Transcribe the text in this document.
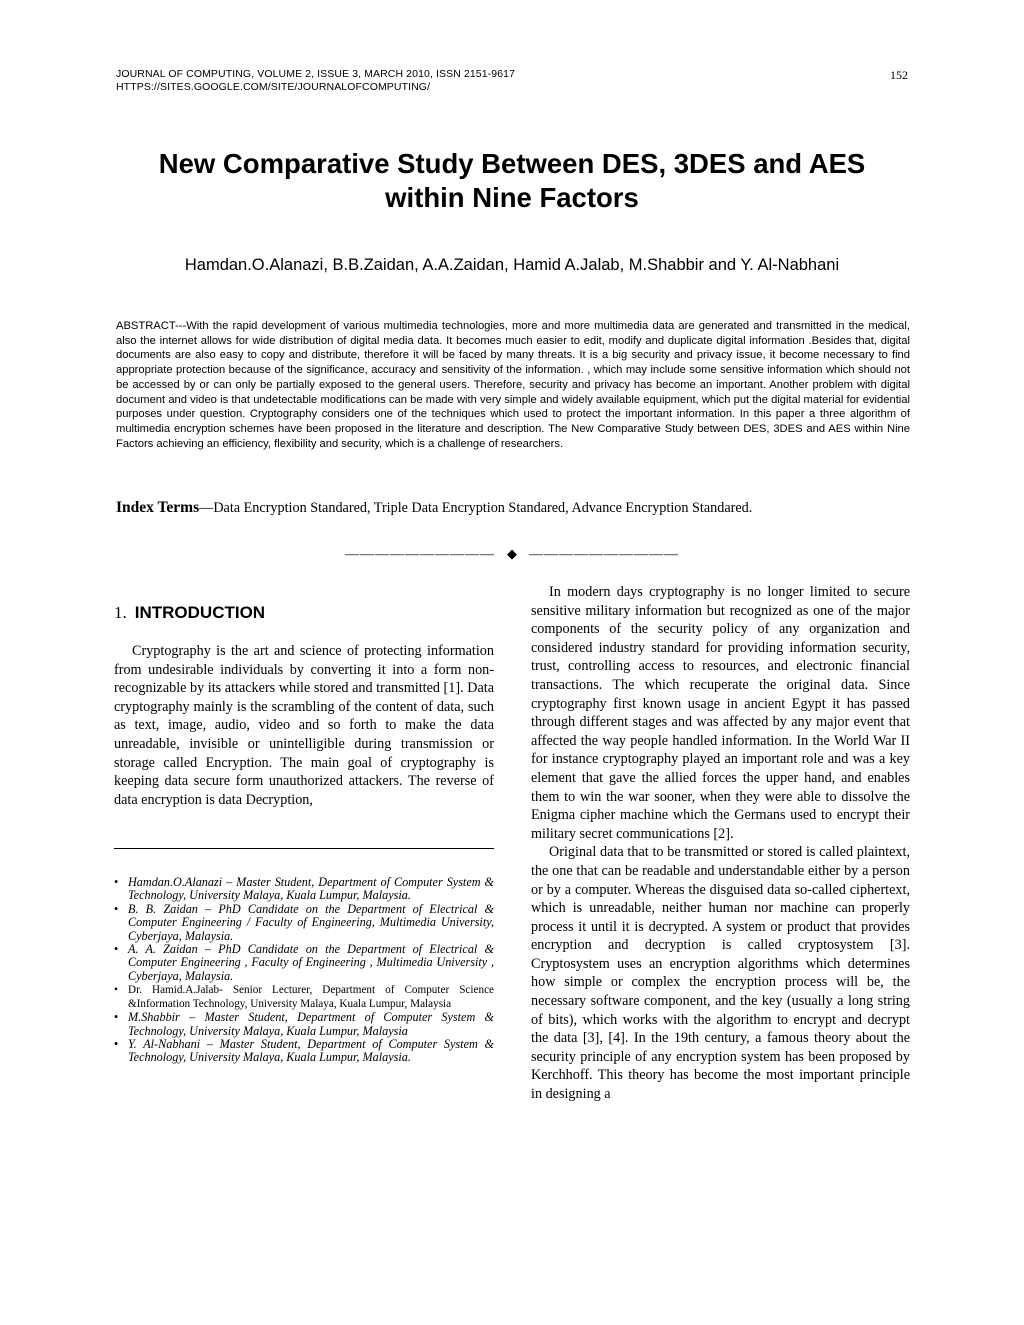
JOURNAL OF COMPUTING, VOLUME 2, ISSUE 3, MARCH 2010, ISSN 2151-9617
HTTPS://SITES.GOOGLE.COM/SITE/JOURNALOFCOMPUTING/
152
New Comparative Study Between DES, 3DES and AES
within Nine Factors
Hamdan.O.Alanazi, B.B.Zaidan, A.A.Zaidan, Hamid A.Jalab, M.Shabbir and Y. Al-Nabhani
ABSTRACT---With the rapid development of various multimedia technologies, more and more multimedia data are generated and transmitted in the medical, also the internet allows for wide distribution of digital media data. It becomes much easier to edit, modify and duplicate digital information .Besides that, digital documents are also easy to copy and distribute, therefore it will be faced by many threats. It is a big security and privacy issue, it become necessary to find appropriate protection because of the significance, accuracy and sensitivity of the information. , which may include some sensitive information which should not be accessed by or can only be partially exposed to the general users. Therefore, security and privacy has become an important. Another problem with digital document and video is that undetectable modifications can be made with very simple and widely available equipment, which put the digital material for evidential purposes under question. Cryptography considers one of the techniques which used to protect the important information. In this paper a three algorithm of multimedia encryption schemes have been proposed in the literature and description. The New Comparative Study between DES, 3DES and AES within Nine Factors achieving an efficiency, flexibility and security, which is a challenge of researchers.
Index Terms—Data Encryption Standared, Triple Data Encryption Standared, Advance Encryption Standared.
—————————— ◆ ——————————
1. INTRODUCTION

Cryptography is the art and science of protecting information from undesirable individuals by converting it into a form non-recognizable by its attackers while stored and transmitted [1]. Data cryptography mainly is the scrambling of the content of data, such as text, image, audio, video and so forth to make the data unreadable, invisible or unintelligible during transmission or storage called Encryption. The main goal of cryptography is keeping data secure form unauthorized attackers. The reverse of data encryption is data Decryption,

• Hamdan.O.Alanazi – Master Student, Department of Computer System & Technology, University Malaya, Kuala Lumpur, Malaysia.
• B. B. Zaidan – PhD Candidate on the Department of Electrical & Computer Engineering / Faculty of Engineering, Multimedia University, Cyberjaya, Malaysia.
• A. A. Zaidan – PhD Candidate on the Department of Electrical & Computer Engineering , Faculty of Engineering , Multimedia University , Cyberjaya, Malaysia.
• Dr. Hamid.A.Jalab- Senior Lecturer, Department of Computer Science &Information Technology, University Malaya, Kuala Lumpur, Malaysia
• M.Shabbir – Master Student, Department of Computer System & Technology, University Malaya, Kuala Lumpur, Malaysia
• Y. Al-Nabhani – Master Student, Department of Computer System & Technology, University Malaya, Kuala Lumpur, Malaysia.

In modern days cryptography is no longer limited to secure sensitive military information but recognized as one of the major components of the security policy of any organization and considered industry standard for providing information security, trust, controlling access to resources, and electronic financial transactions. The which recuperate the original data. Since cryptography first known usage in ancient Egypt it has passed through different stages and was affected by any major event that affected the way people handled information. In the World War II for instance cryptography played an important role and was a key element that gave the allied forces the upper hand, and enables them to win the war sooner, when they were able to dissolve the Enigma cipher machine which the Germans used to encrypt their military secret communications [2].

Original data that to be transmitted or stored is called plaintext, the one that can be readable and understandable either by a person or by a computer. Whereas the disguised data so-called ciphertext, which is unreadable, neither human nor machine can properly process it until it is decrypted. A system or product that provides encryption and decryption is called cryptosystem [3]. Cryptosystem uses an encryption algorithms which determines how simple or complex the encryption process will be, the necessary software component, and the key (usually a long string of bits), which works with the algorithm to encrypt and decrypt the data [3], [4]. In the 19th century, a famous theory about the security principle of any encryption system has been proposed by Kerchhoff. This theory has become the most important principle in designing a
